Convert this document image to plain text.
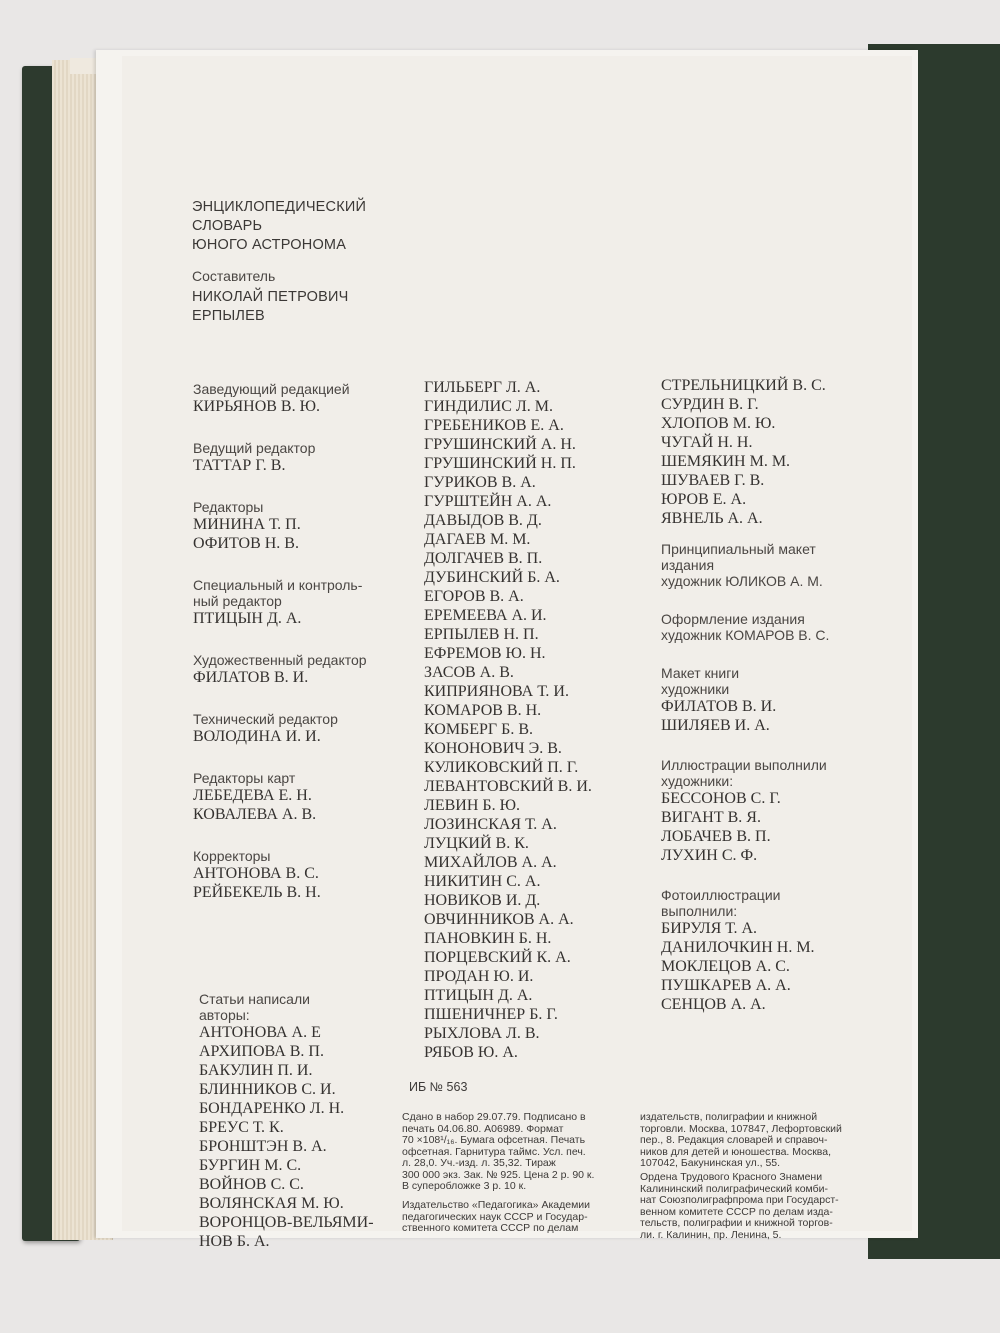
ЭНЦИКЛОПЕДИЧЕСКИЙ
СЛОВАРЬ
ЮНОГО АСТРОНОМА
Составитель
НИКОЛАЙ ПЕТРОВИЧ
ЕРПЫЛЕВ
Заведующий редакцией
КИРЬЯНОВ В. Ю.
Ведущий редактор
ТАТТАР Г. В.
Редакторы
МИНИНА Т. П.
ОФИТОВ Н. В.
Специальный и контроль-
ный редактор
ПТИЦЫН Д. А.
Художественный редактор
ФИЛАТОВ В. И.
Технический редактор
ВОЛОДИНА И. И.
Редакторы карт
ЛЕБЕДЕВА Е. Н.
КОВАЛЕВА А. В.
Корректоры
АНТОНОВА В. С.
РЕЙБЕКЕЛЬ В. Н.
Статьи написали
авторы:
АНТОНОВА А. Е
АРХИПОВА В. П.
БАКУЛИН П. И.
БЛИННИКОВ С. И.
БОНДАРЕНКО Л. Н.
БРЕУС Т. К.
БРОНШТЭН В. А.
БУРГИН М. С.
ВОЙНОВ С. С.
ВОЛЯНСКАЯ М. Ю.
ВОРОНЦОВ-ВЕЛЬЯМИ-
НОВ Б. А.
ГИЛЬБЕРГ Л. А.
ГИНДИЛИС Л. М.
ГРЕБЕНИКОВ Е. А.
ГРУШИНСКИЙ А. Н.
ГРУШИНСКИЙ Н. П.
ГУРИКОВ В. А.
ГУРШТЕЙН А. А.
ДАВЫДОВ В. Д.
ДАГАЕВ М. М.
ДОЛГАЧЕВ В. П.
ДУБИНСКИЙ Б. А.
ЕГОРОВ В. А.
ЕРЕМЕЕВА А. И.
ЕРПЫЛЕВ Н. П.
ЕФРЕМОВ Ю. Н.
ЗАСОВ А. В.
КИПРИЯНОВА Т. И.
КОМАРОВ В. Н.
КОМБЕРГ Б. В.
КОНОНОВИЧ Э. В.
КУЛИКОВСКИЙ П. Г.
ЛЕВАНТОВСКИЙ В. И.
ЛЕВИН Б. Ю.
ЛОЗИНСКАЯ Т. А.
ЛУЦКИЙ В. К.
МИХАЙЛОВ А. А.
НИКИТИН С. А.
НОВИКОВ И. Д.
ОВЧИННИКОВ А. А.
ПАНОВКИН Б. Н.
ПОРЦЕВСКИЙ К. А.
ПРОДАН Ю. И.
ПТИЦЫН Д. А.
ПШЕНИЧНЕР Б. Г.
РЫХЛОВА Л. В.
РЯБОВ Ю. А.
СТРЕЛЬНИЦКИЙ В. С.
СУРДИН В. Г.
ХЛОПОВ М. Ю.
ЧУГАЙ Н. Н.
ШЕМЯКИН М. М.
ШУВАЕВ Г. В.
ЮРОВ Е. А.
ЯВНЕЛЬ А. А.
Принципиальный макет
издания
художник ЮЛИКОВ А. М.
Оформление издания
художник КОМАРОВ В. С.
Макет книги
художники
ФИЛАТОВ В. И.
ШИЛЯЕВ И. А.
Иллюстрации выполнили
художники:
БЕССОНОВ С. Г.
ВИГАНТ В. Я.
ЛОБАЧЕВ В. П.
ЛУХИН С. Ф.
Фотоиллюстрации
выполнили:
БИРУЛЯ Т. А.
ДАНИЛОЧКИН Н. М.
МОКЛЕЦОВ А. С.
ПУШКАРЕВ А. А.
СЕНЦОВ А. А.
ИБ № 563
Сдано в набор 29.07.79. Подписано в
печать 04.06.80. А06989. Формат
70 ×108¹/₁₆. Бумага офсетная. Печать
офсетная. Гарнитура таймс. Усл. печ.
л. 28,0. Уч.-изд. л. 35,32. Тираж
300 000 экз. Зак. № 925. Цена 2 р. 90 к.
В суперобложке 3 р. 10 к.
Издательство «Педагогика» Академии
педагогических наук СССР и Государ-
ственного комитета СССР по делам
издательств, полиграфии и книжной
торговли. Москва, 107847, Лефортовский
пер., 8. Редакция словарей и справоч-
ников для детей и юношества. Москва,
107042, Бакунинская ул., 55.
Ордена Трудового Красного Знамени
Калининский полиграфический комби-
нат Союзполиграфпрома при Государст-
венном комитете СССР по делам изда-
тельств, полиграфии и книжной торгов-
ли. г. Калинин, пр. Ленина, 5.
